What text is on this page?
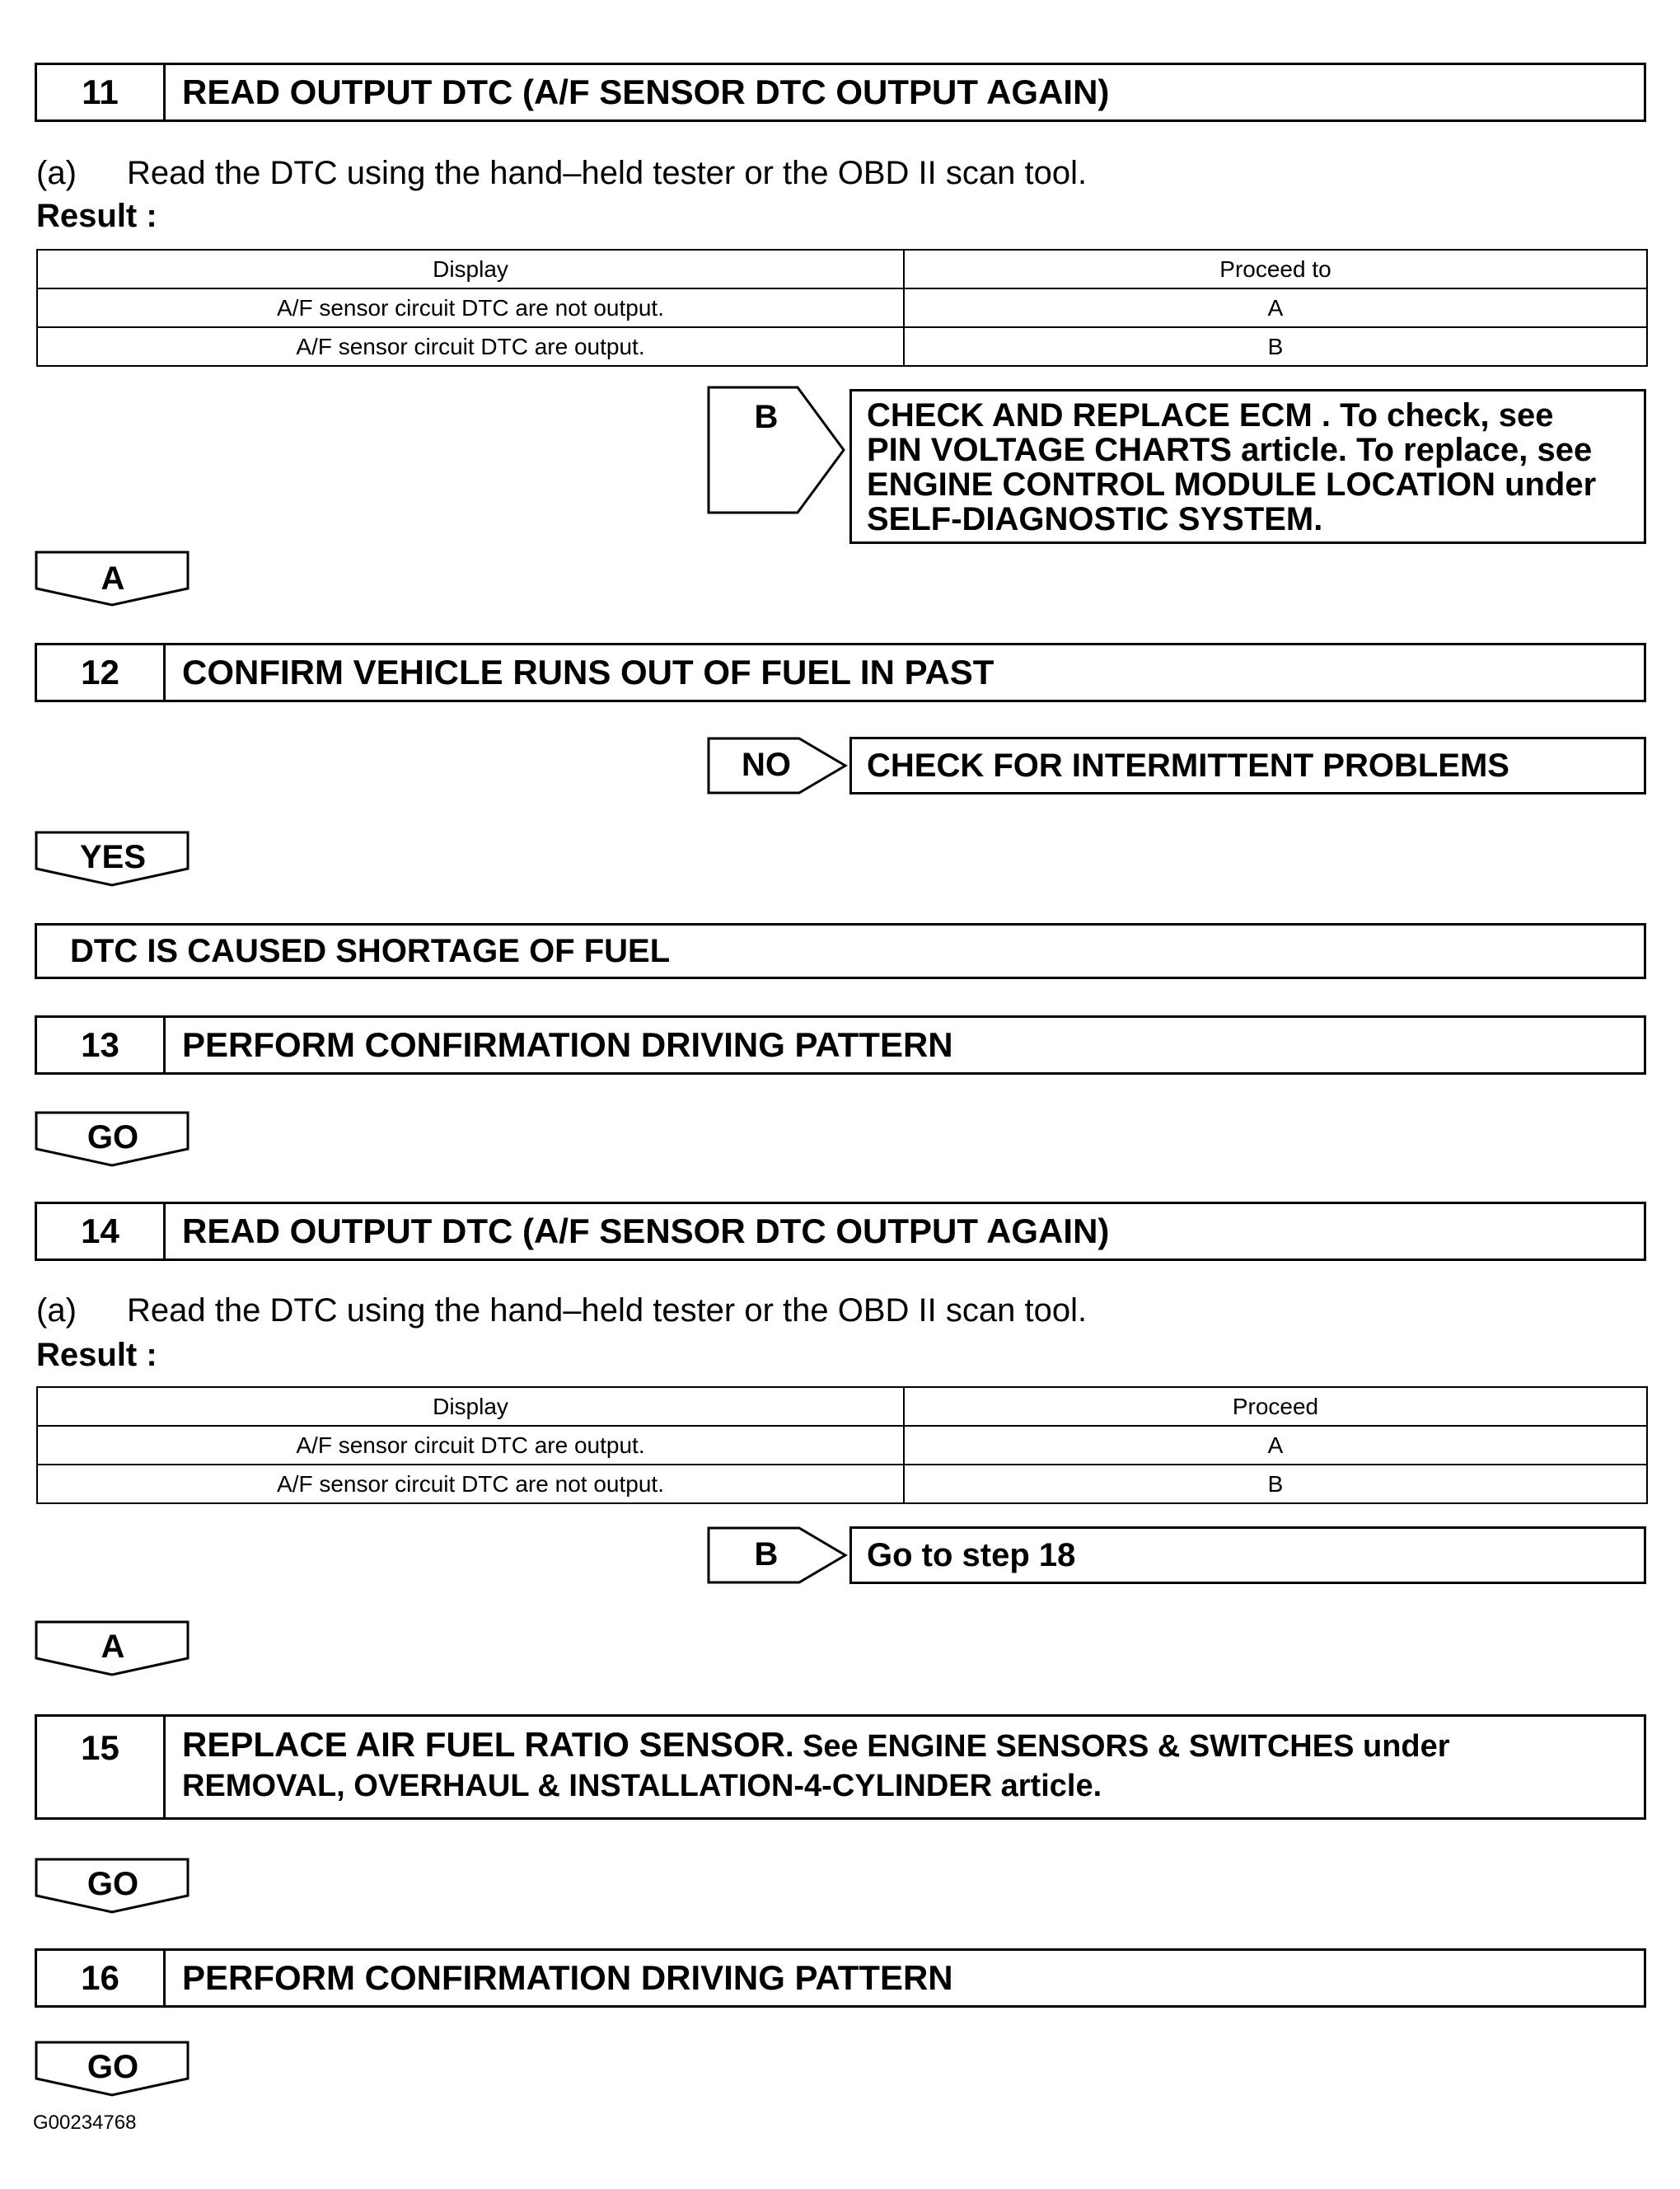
11	READ OUTPUT DTC (A/F SENSOR DTC OUTPUT AGAIN)
(a) Read the DTC using the hand–held tester or the OBD II scan tool.
Result :
Display	Proceed to
A/F sensor circuit DTC are not output.	A
A/F sensor circuit DTC are output.	B
B	CHECK AND REPLACE ECM . To check, see
PIN VOLTAGE CHARTS article. To replace, see
ENGINE CONTROL MODULE LOCATION under
SELF-DIAGNOSTIC SYSTEM.
A
12	CONFIRM VEHICLE RUNS OUT OF FUEL IN PAST
NO	CHECK FOR INTERMITTENT PROBLEMS
YES
DTC IS CAUSED SHORTAGE OF FUEL
13	PERFORM CONFIRMATION DRIVING PATTERN
GO
14	READ OUTPUT DTC (A/F SENSOR DTC OUTPUT AGAIN)
(a) Read the DTC using the hand–held tester or the OBD II scan tool.
Result :
Display	Proceed
A/F sensor circuit DTC are output.	A
A/F sensor circuit DTC are not output.	B
B	Go to step 18
A
15	REPLACE AIR FUEL RATIO SENSOR. See ENGINE SENSORS & SWITCHES under
REMOVAL, OVERHAUL & INSTALLATION-4-CYLINDER article.
GO
16	PERFORM CONFIRMATION DRIVING PATTERN
GO
G00234768
